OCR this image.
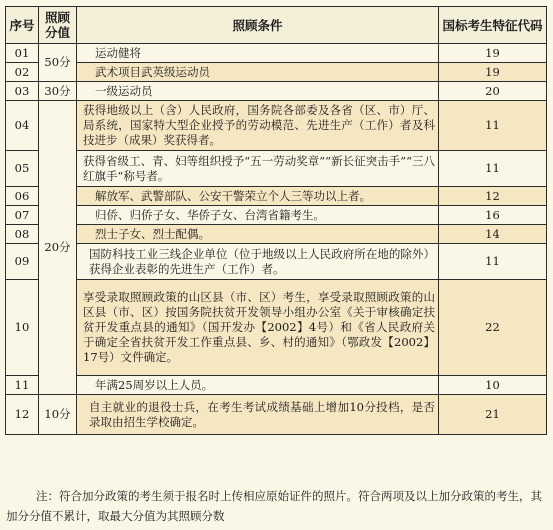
序号	照顾分值	照顾条件	国标考生特征代码
01	50分	运动健将	19
02		武术项目武英级运动员	19
03	30分	一级运动员	20
04	20分	获得地级以上（含）人民政府，国务院各部委及各省（区、市）厅、局系统，国家特大型企业授予的劳动模范、先进生产（工作）者及科技进步（成果）奖获得者。	11
05		获得省级工、青、妇等组织授予“五一劳动奖章”“新长征突击手”“三八红旗手”称号者。	11
06		解放军、武警部队、公安干警荣立个人三等功以上者。	12
07		归侨、归侨子女、华侨子女、台湾省籍考生。	16
08		烈士子女、烈士配偶。	14
09		国防科技工业三线企业单位（位于地级以上人民政府所在地的除外）获得企业表彰的先进生产（工作）者。	11
10		享受录取照顾政策的山区县（市、区）考生，享受录取照顾政策的山区县（市、区）按国务院扶贫开发领导小组办公室《关于审核确定扶贫开发重点县的通知》（国开发办【2002】4号）和《省人民政府关于确定全省扶贫开发工作重点县、乡、村的通知》（鄂政发【2002】17号）文件确定。	22
11		年满25周岁以上人员。	10
12	10分	自主就业的退役士兵，在考生考试成绩基础上增加10分投档，是否录取由招生学校确定。	21
注：符合加分政策的考生须于报名时上传相应原始证件的照片。符合两项及以上加分政策的考生，其加分分值不累计，取最大分值为其照顾分数
